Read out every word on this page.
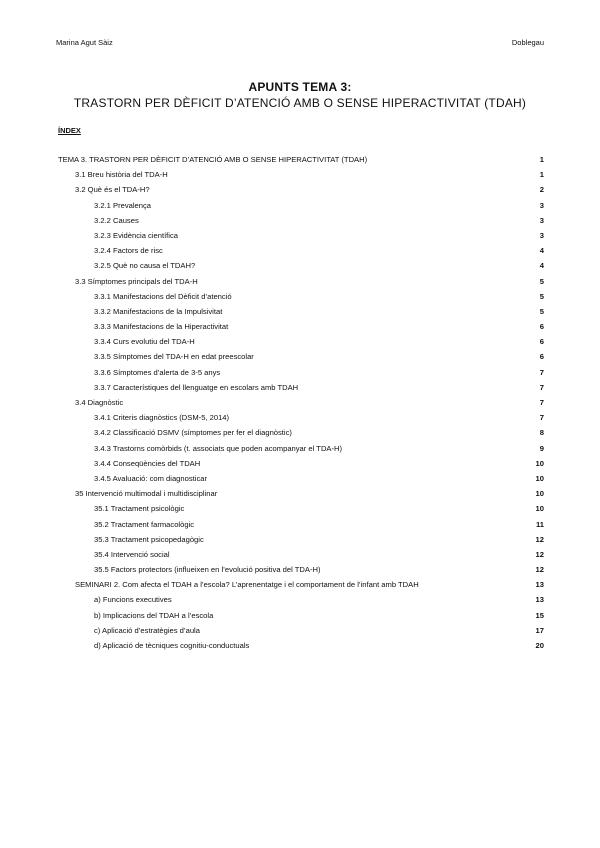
Marina Agut Sàiz	Doblegau
APUNTS TEMA 3:
TRASTORN PER DÈFICIT D’ATENCIÓ AMB O SENSE HIPERACTIVITAT (TDAH)
ÍNDEX
TEMA 3. TRASTORN PER DÈFICIT D’ATENCIÓ AMB O SENSE HIPERACTIVITAT (TDAH)	1
3.1 Breu història del TDA-H	1
3.2 Què és el TDA-H?	2
3.2.1 Prevalença	3
3.2.2 Causes	3
3.2.3 Evidència científica	3
3.2.4 Factors de risc	4
3.2.5 Què no causa el TDAH?	4
3.3 Símptomes principals del TDA-H	5
3.3.1 Manifestacions del Dèficit d’atenció	5
3.3.2 Manifestacions de la Impulsivitat	5
3.3.3 Manifestacions de la Hiperactivitat	6
3.3.4 Curs evolutiu del TDA-H	6
3.3.5 Símptomes del TDA-H en edat preescolar	6
3.3.6 Símptomes d’alerta de 3-5 anys	7
3.3.7 Característiques del llenguatge en escolars amb TDAH	7
3.4 Diagnòstic	7
3.4.1 Criteris diagnòstics (DSM-5, 2014)	7
3.4.2 Classificació DSMV (símptomes per fer el diagnòstic)	8
3.4.3 Trastorns comòrbids (t. associats que poden acompanyar el TDA-H)	9
3.4.4 Conseqüències del TDAH	10
3.4.5 Avaluació: com diagnosticar	10
35 Intervenció multimodal i multidisciplinar	10
35.1 Tractament psicològic	10
35.2 Tractament farmacològic	11
35.3 Tractament psicopedagògic	12
35.4 Intervenció social	12
35.5 Factors protectors (influeixen en l’evolució positiva del TDA-H)	12
SEMINARI 2. Com afecta el TDAH a l’escola? L’aprenentatge i el comportament de l’infant amb TDAH	13
a) Funcions executives	13
b) Implicacions del TDAH a l’escola	15
c) Aplicació d’estratègies d’aula	17
d) Aplicació de tècniques cognitiu-conductuals	20
